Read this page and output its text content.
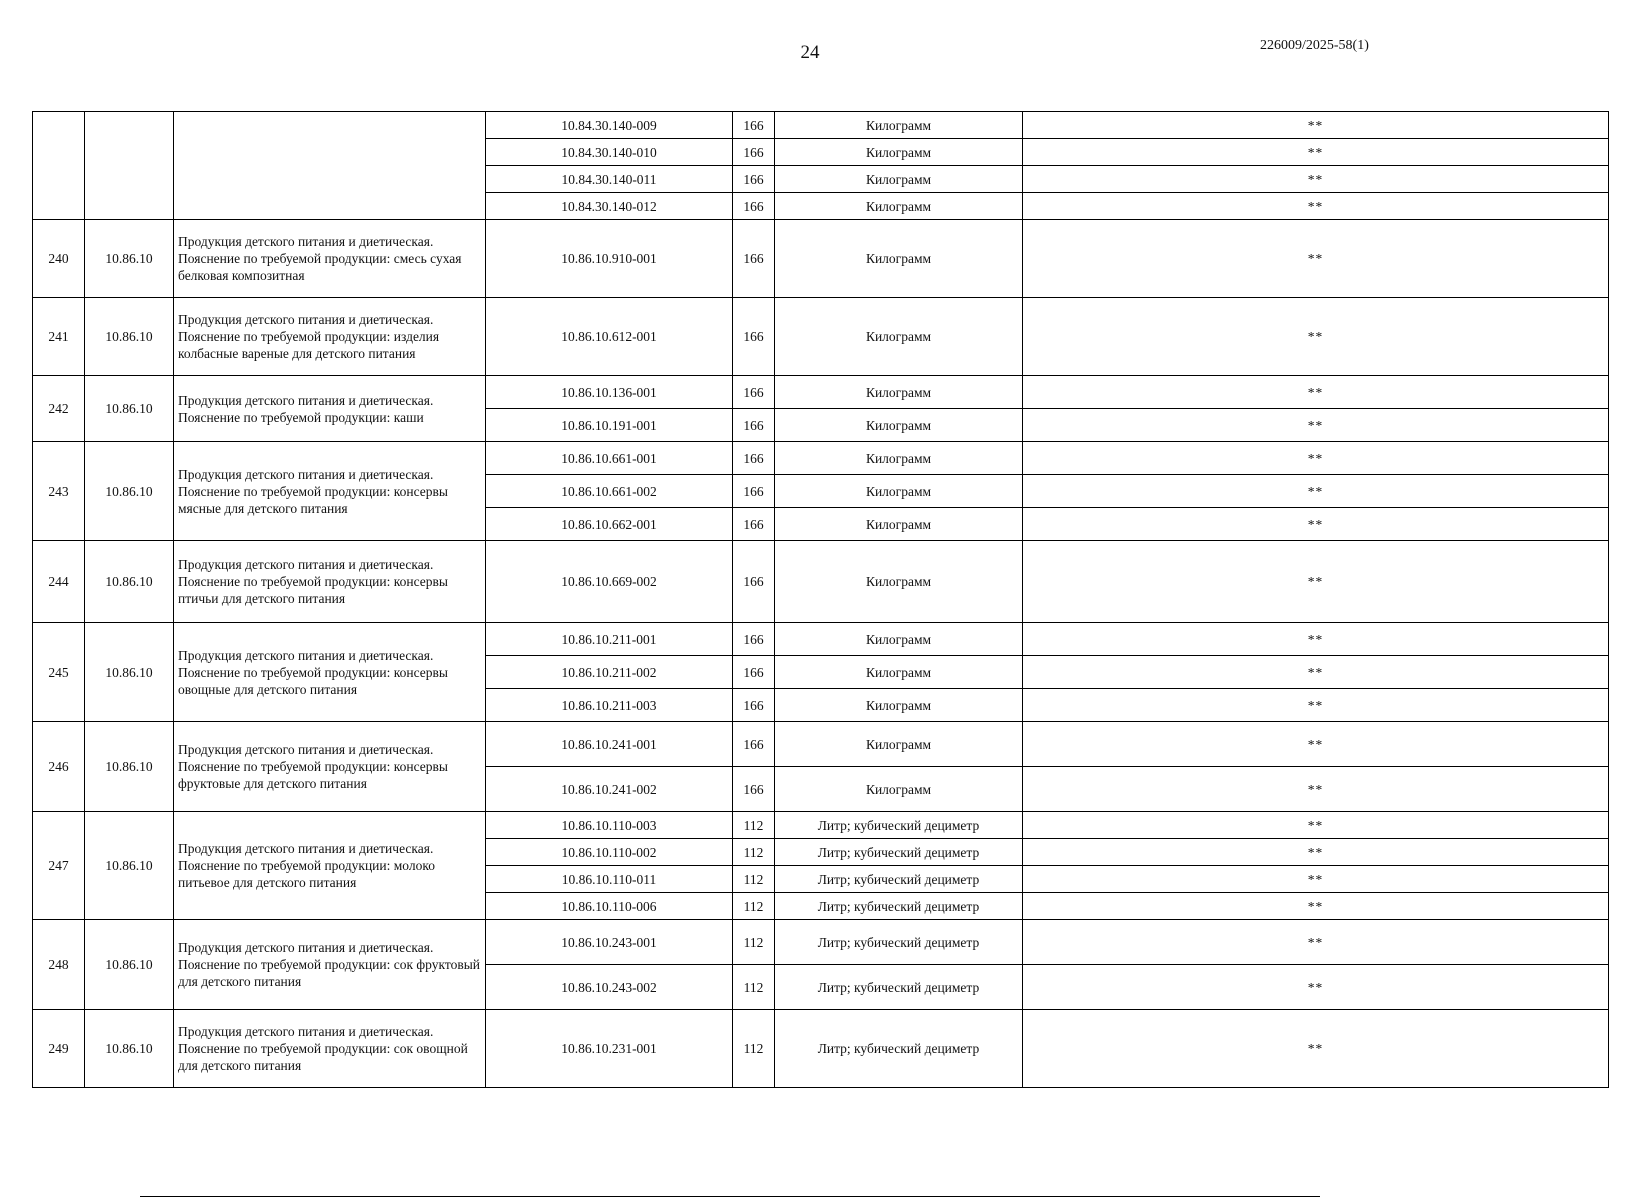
24	226009/2025-58(1)
			10.84.30.140-009	166	Килограмм	**
			10.84.30.140-010	166	Килограмм	**
			10.84.30.140-011	166	Килограмм	**
			10.84.30.140-012	166	Килограмм	**
240	10.86.10	Продукция детского питания и диетическая. Пояснение по требуемой продукции: смесь сухая белковая композитная	10.86.10.910-001	166	Килограмм	**
241	10.86.10	Продукция детского питания и диетическая. Пояснение по требуемой продукции: изделия колбасные вареные для детского питания	10.86.10.612-001	166	Килограмм	**
242	10.86.10	Продукция детского питания и диетическая. Пояснение по требуемой продукции: каши	10.86.10.136-001	166	Килограмм	**
			10.86.10.191-001	166	Килограмм	**
243	10.86.10	Продукция детского питания и диетическая. Пояснение по требуемой продукции: консервы мясные для детского питания	10.86.10.661-001	166	Килограмм	**
			10.86.10.661-002	166	Килограмм	**
			10.86.10.662-001	166	Килограмм	**
244	10.86.10	Продукция детского питания и диетическая. Пояснение по требуемой продукции: консервы птичьи для детского питания	10.86.10.669-002	166	Килограмм	**
245	10.86.10	Продукция детского питания и диетическая. Пояснение по требуемой продукции: консервы овощные для детского питания	10.86.10.211-001	166	Килограмм	**
			10.86.10.211-002	166	Килограмм	**
			10.86.10.211-003	166	Килограмм	**
246	10.86.10	Продукция детского питания и диетическая. Пояснение по требуемой продукции: консервы фруктовые для детского питания	10.86.10.241-001	166	Килограмм	**
			10.86.10.241-002	166	Килограмм	**
247	10.86.10	Продукция детского питания и диетическая. Пояснение по требуемой продукции: молоко питьевое для детского питания	10.86.10.110-003	112	Литр; кубический дециметр	**
			10.86.10.110-002	112	Литр; кубический дециметр	**
			10.86.10.110-011	112	Литр; кубический дециметр	**
			10.86.10.110-006	112	Литр; кубический дециметр	**
248	10.86.10	Продукция детского питания и диетическая. Пояснение по требуемой продукции: сок фруктовый для детского питания	10.86.10.243-001	112	Литр; кубический дециметр	**
			10.86.10.243-002	112	Литр; кубический дециметр	**
249	10.86.10	Продукция детского питания и диетическая. Пояснение по требуемой продукции: сок овощной для детского питания	10.86.10.231-001	112	Литр; кубический дециметр	**
